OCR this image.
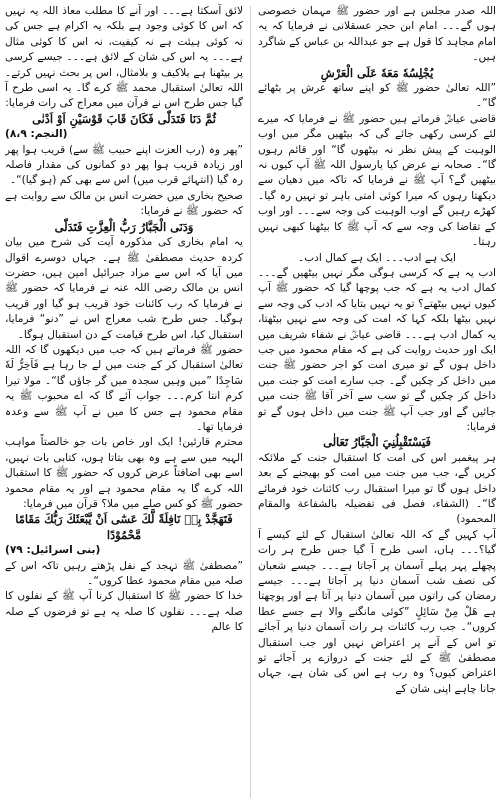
اللہ صدر مجلس ہے اور حضور ﷺ مہمان خصوصی ہوں گے۔۔۔ امام ابن حجر عسقلانی نے فرمایا کہ یہ امام مجاہد کا قول ہے جو عبداللہ بن عباس کے شاگرد ہیں۔

يُجْلِسُهٗ مَعَهٗ عَلَى الْعَرْشِ

”اللہ تعالیٰ حضور ﷺ کو اپنے ساتھ عرش پر بٹھائے گا“۔

قاضی عیاضؒ فرماتے ہیں حضور ﷺ نے فرمایا کہ میرے لئے کرسی رکھی جائے گی کہ بیٹھیں مگر میں اوب الوہیت کے پیش نظر نہ بیٹھوں گا“ اور قائم رہوں گا“۔ صحابہ نے عرض کیا یارسول اللہ ﷺ آپ کیوں نہ بیٹھیں گے؟ آپ ﷺ نے فرمایا کہ تاکہ میں دھیان سے دیکھتا رہوں کہ میرا کوئی امتی باہر تو نہیں رہ گیا۔ کھڑے رہیں گے اوب الوہیت کی وجہ سے۔۔۔ اور اوب کے تقاضا کی وجہ سے کہ آپ ﷺ کا بیٹھنا کبھی نہیں رہتا۔

ایک ہے ادب۔۔۔ ایک ہے کمال ادب۔

ادب یہ ہے کہ کرسی ہوگی مگر نہیں بیٹھیں گے۔۔۔ کمال ادب یہ ہے کہ جب پوچھا گیا کہ حضور ﷺ آپ کیوں نہیں بیٹھتے؟ تو یہ نہیں بتایا کہ ادب کی وجہ سے نہیں بیٹھا بلکہ کہا کہ امت کی وجہ سے نہیں بیٹھتا، یہ کمال ادب ہے۔۔۔ قاضی عیاضؒ نے شفاء شریف میں ایک اور حدیث روایت کی ہے کہ مقام محمود میں جب داخل ہوں گے تو میری امت کو اجر حضور ﷺ جنت میں داخل کر چکیں گے۔ جب سارے امت کو جنت میں داخل کر چکیں گے تو سب سے آخر آقا ﷺ جنت میں جائیں گے اور جب آپ ﷺ جنت میں داخل ہوں گے تو فرمایا:

فَيَسْتَقْبِلُنِيَ الْجَبَّارُ تَعَالٰى

ہر پیغمبر اس کی امت کا استقبال جنت کے ملائکہ کریں گے، جب میں جنت میں امت کو بھیجنے کے بعد داخل ہوں گا تو میرا استقبال رب کائنات خود فرمائے گا“۔ (الشفاء، فصل فی تفضیلہ بالشفاعة والمقام المحمود)

آپ کہیں گے کہ اللہ تعالیٰ استقبال کے لئے کیسے آ گیا؟۔۔۔ ہاں، اسی طرح آ گیا جس طرح ہر رات پچھلے پہر پہلے آسمان پر آجاتا ہے۔۔۔ جیسے شعبان کی نصف شب آسمان دنیا پر آجاتا ہے۔۔۔ جیسے رمضان کی راتوں میں آسمان دنیا پر آتا ہے اور پوچھتا ہے هَلْ مِنْ سَائِلٍ ”کوئی مانگنے والا ہے جسے عطا کروں“۔ جب رب کائنات ہر رات آسمان دنیا پر آجائے تو اس کے آنے پر اعتراض نہیں اور جب استقبال مصطفیٰ ﷺ کے لئے جنت کے دروازے پر آجائے تو اعتراض کیوں؟ وہ رب ہے اس کی شان ہے، جہاں جانا چاہے اپنی شان کے

لائق آسکتا ہے۔۔۔ اور آنے کا مطلب معاذ اللہ یہ نہیں کہ اس کا کوئی وجود ہے بلکہ یہ اکرام ہے جس کی نہ کوئی ہیئت ہے نہ کیفیت، نہ اس کا کوئی مثال ہے۔۔۔ یہ اس کی شان کے لائق ہے۔۔۔ جیسے کرسی پر بیٹھنا ہے بلاکیف و بلامثال، اس پر بحث نہیں کرتے۔ اللہ تعالیٰ استقبال محمد ﷺ کرے گا۔ یہ اسی طرح آ گیا جس طرح اس نے قرآن میں معراج کی رات فرمایا:

ثُمَّ دَنَا فَتَدَلّٰى فَكَانَ قَابَ قَوْسَيْنِ اَوْ اَدْنٰى

(النجم: ۸،۹)

”پھر وہ (رب العزت اپنے حبیب ﷺ سے) قریب ہوا پھر اور زیادہ قریب ہوا پھر دو کمانوں کی مقدار فاصلہ رہ گیا (انتہائے قرب میں) اس سے بھی کم (ہو گیا)“۔

صحیح بخاری میں حضرت انس بن مالک سے روایت ہے کہ حضور ﷺ نے فرمایا:

وَدَنَى الْجَبَّارُ رَبُّ الْعِزَّتِ فَتَدَلّٰى

یہ امام بخاری کی مذکورہ آیت کی شرح میں بیان کردہ حدیث مصطفیٰ ﷺ ہے۔ جہاں دوسرے اقوال میں آیا کہ اس سے مراد جبرائیل امین ہیں، حضرت انس بن مالک رضی اللہ عنہ نے فرمایا کہ حضور ﷺ نے فرمایا کہ رب کائنات خود قریب ہو گیا اور قریب ہوگیا۔ جس طرح شب معراج اس نے ”دنو“ فرمایا، استقبال کیا، اس طرح قیامت کے دن استقبال ہوگا۔

حضور ﷺ فرماتے ہیں کہ جب میں دیکھوں گا کہ اللہ تعالیٰ استقبال کر کے جنت میں لے جا رہا ہے فَاَخِرُّ لَهٗ سَاجِدًا ”میں وہیں سجدہ میں گر جاؤں گا“۔ مولا تیرا کرم انتا کرم۔۔۔ جواب آئے گا کہ اے محبوب ﷺ یہ مقام محمود ہے جس کا میں نے آپ ﷺ سے وعدہ فرمایا تھا۔

محترم قارئین! ایک اور خاص بات جو خالصتاً مواہب الہیہ میں سے ہے وہ بھی بتاتا ہوں، کتابی بات نہیں، اسے بھی اضافتاً عرض کروں کہ حضور ﷺ کا استقبال اللہ کرے گا یہ مقام محمود ہے اور یہ مقام محمود حضور ﷺ کو کس صلے میں ملا؟ قرآن میں فرمایا:

فَتَهَجَّدْ بِهٖ نَافِلَةً لَّكَ عَسٰٓى اَنْ يَّبْعَثَكَ رَبُّكَ مَقَامًا مَّحْمُوْدًا

(بنی اسرائیل: ۷۹)

”مصطفیٰ ﷺ تہجد کے نفل پڑھتے رہیں تاکہ اس کے صلہ میں مقام محمود عطا کروں“۔

خدا کا حضور ﷺ کا استقبال کرنا آپ ﷺ کے نفلوں کا صلہ ہے۔۔۔ نفلوں کا صلہ یہ ہے تو فرضوں کے صلہ کا عالم
